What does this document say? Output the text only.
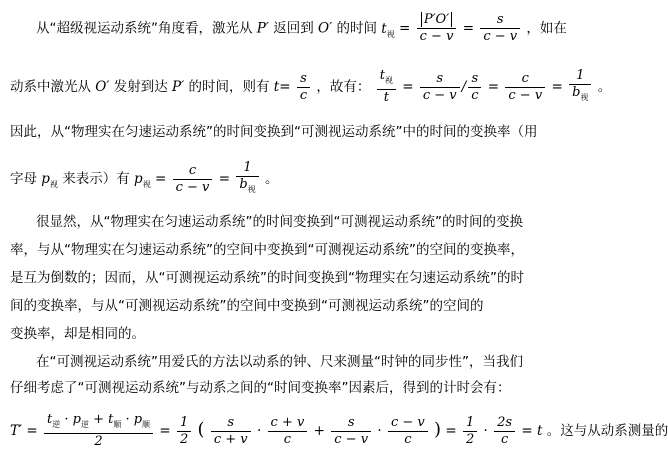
从“超级视运动系统”角度看，激光从 P′ 返回到 O′ 的时间 $t_视 = \frac{P'O'}{c - v} = \frac{s}{c - v}$ ，如在
动系中激光从 O′ 发射到达 P′ 的时间，则有 $t= \frac{s}{c}$ ，故有： $\frac{t_视}{t} = \frac{s}{c - v} / \frac{s}{c} = \frac{c}{c - v} = \frac{1}{b_视}$ 。
因此，从“物理实在匀速运动系统”的时间变换到“可测视运动系统”中的时间的变换率（用
字母 $p_视$ 来表示）有 $p_视 = \frac{c}{c - v} = \frac{1}{b_视}$ 。
很显然，从“物理实在匀速运动系统”的时间变换到“可测视运动系统”的时间的变换
率，与从“物理实在匀速运动系统”的空间中变换到“可测视运动系统”的空间的变换率，
是互为倒数的；因而，从“可测视运动系统”的时间变换到“物理实在匀速运动系统”的时
间的变换率，与从“可测视运动系统”的空间中变换到“可测视运动系统”的空间的
变换率，却是相同的。
在“可测视运动系统”用爱氏的方法以动系的钟、尺来测量“时钟的同步性”，当我们
仔细考虑了“可测视运动系统”与动系之间的“时间变换率”因素后，得到的计时会有：
$T' = \frac{t_逆 \cdot p_逆 + t_顺 \cdot p_顺}{2} = \frac{1}{2}$ ( $\frac{s}{c + v} \cdot \frac{c + v}{c} + \frac{s}{c - v} \cdot \frac{c - v}{c}$ ) = $\frac{1}{2} \cdot \frac{2s}{c} = t$ 。这与从动系测量的
